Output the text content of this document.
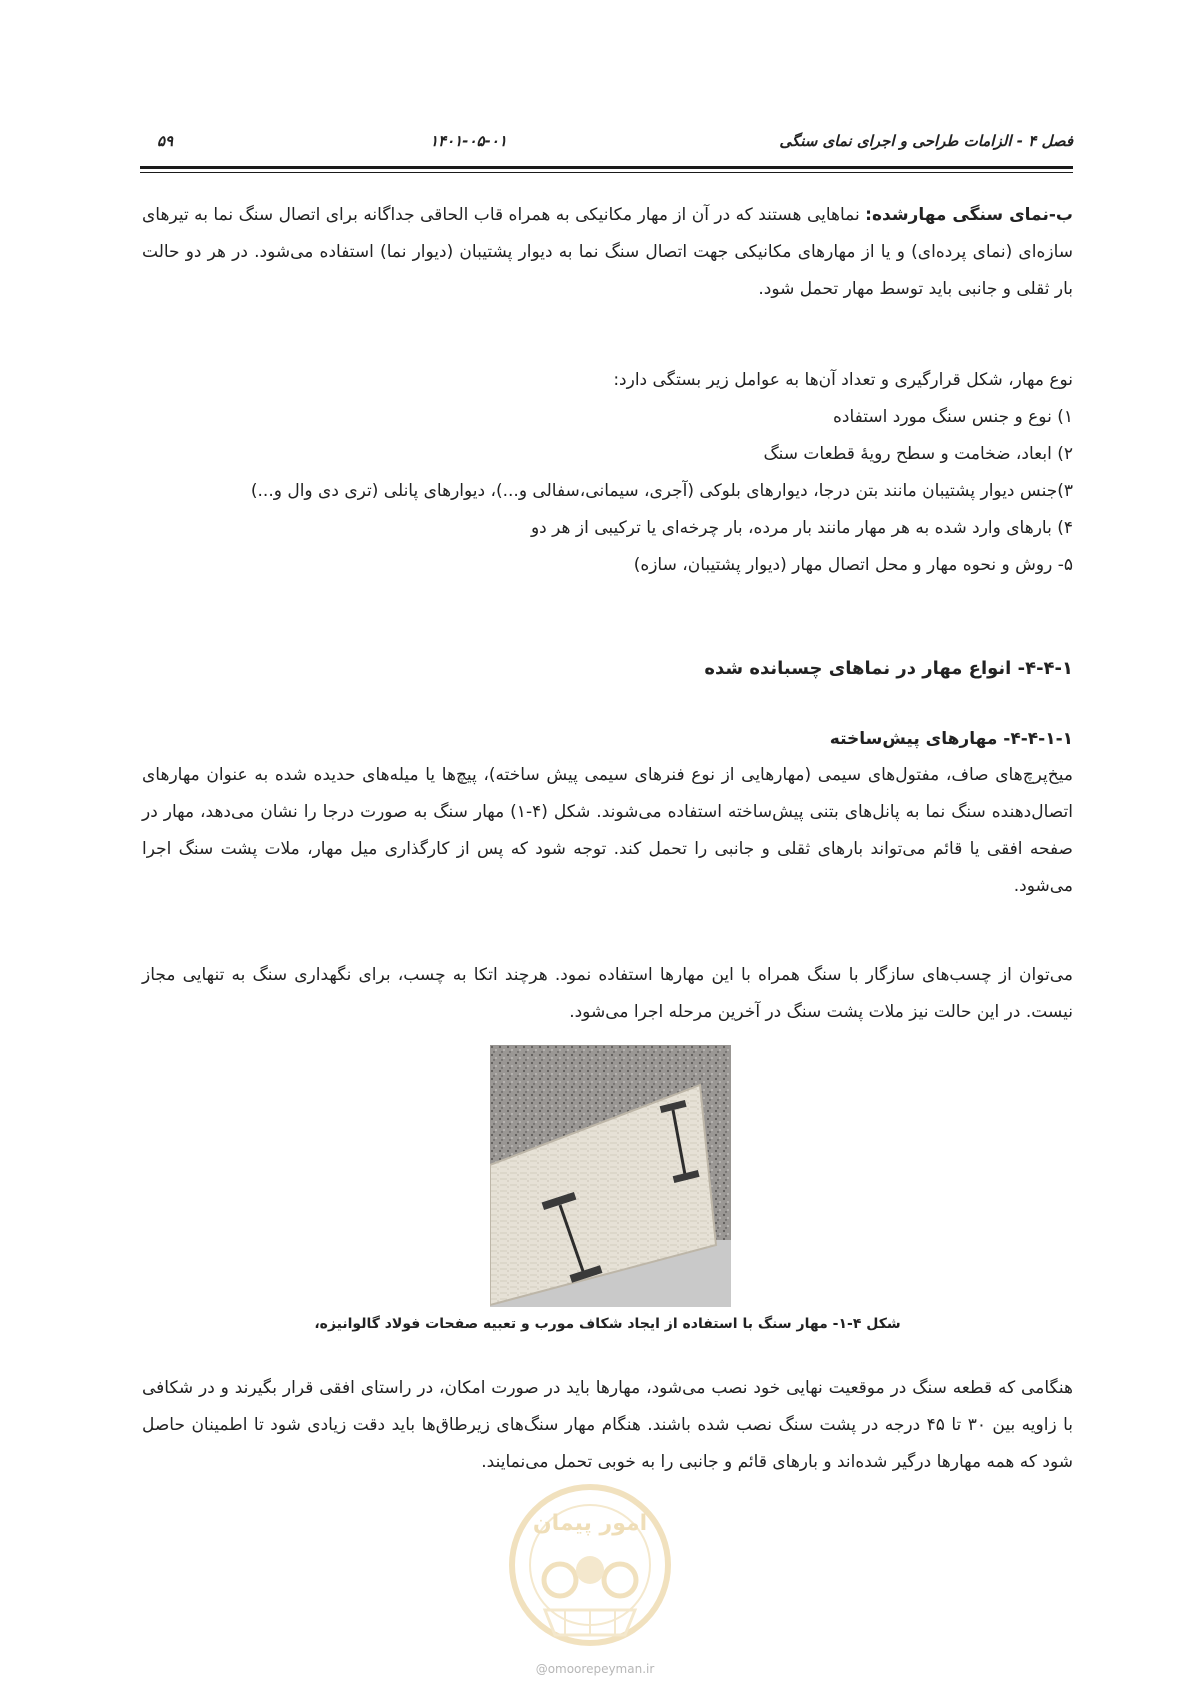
فصل ۴ - الزامات طراحی و اجرای نمای سنگی
۱۴۰۱-۰۵-۰۱
۵۹

ب-نمای سنگی مهارشده: نماهایی هستند که در آن از مهار مکانیکی به همراه قاب الحاقی جداگانه برای اتصال سنگ نما به تیرهای سازه‌ای (نمای پرده‌ای) و یا از مهارهای مکانیکی جهت اتصال سنگ نما به دیوار پشتیبان (دیوار نما) استفاده می‌شود. در هر دو حالت بار ثقلی و جانبی باید توسط مهار تحمل شود.

نوع مهار، شکل قرارگیری و تعداد آن‌ها به عوامل زیر بستگی دارد:
۱) نوع و جنس سنگ مورد استفاده
۲) ابعاد، ضخامت و سطح رویهٔ قطعات سنگ
۳)جنس دیوار پشتیبان مانند بتن درجا، دیوارهای بلوکی (آجری، سیمانی،سفالی و...)، دیوارهای پانلی (تری دی وال و...)
۴) بارهای وارد شده به هر مهار مانند بار مرده، بار چرخه‌ای یا ترکیبی از هر دو
۵- روش و نحوه مهار و محل اتصال مهار (دیوار پشتیبان، سازه)
۴-۴-۱- انواع مهار در نماهای چسبانده شده
۴-۴-۱-۱- مهارهای پیش‌ساخته

میخ‌پرچ‌های صاف، مفتول‌های سیمی (مهارهایی از نوع فنرهای سیمی پیش ساخته)، پیچ‌ها یا میله‌های حدیده شده به عنوان مهارهای اتصال‌دهنده سنگ نما به پانل‌های بتنی پیش‌ساخته استفاده می‌شوند. شکل (۴-۱) مهار سنگ به صورت درجا را نشان می‌دهد، مهار در صفحه افقی یا قائم می‌تواند بارهای ثقلی و جانبی را تحمل کند. توجه شود که پس از کارگذاری میل مهار، ملات پشت سنگ اجرا می‌شود.

می‌توان از چسب‌های سازگار با سنگ همراه با این مهارها استفاده نمود. هرچند اتکا به چسب، برای نگهداری سنگ به تنهایی مجاز نیست. در این حالت نیز ملات پشت سنگ در آخرین مرحله اجرا می‌شود.

شکل ۴-۱- مهار سنگ با استفاده از ایجاد شکاف مورب و تعبیه صفحات فولاد گالوانیزه،

هنگامی که قطعه سنگ در موقعیت نهایی خود نصب می‌شود، مهارها باید در صورت امکان، در راستای افقی قرار بگیرند و در شکافی با زاویه بین ۳۰ تا ۴۵ درجه در پشت سنگ نصب شده باشند. هنگام مهار سنگ‌های زیرطاق‌ها باید دقت زیادی شود تا اطمینان حاصل شود که همه مهارها درگیر شده‌اند و بارهای قائم و جانبی را به خوبی تحمل می‌نمایند.

امور پیمان
@omoorepeyman.ir
